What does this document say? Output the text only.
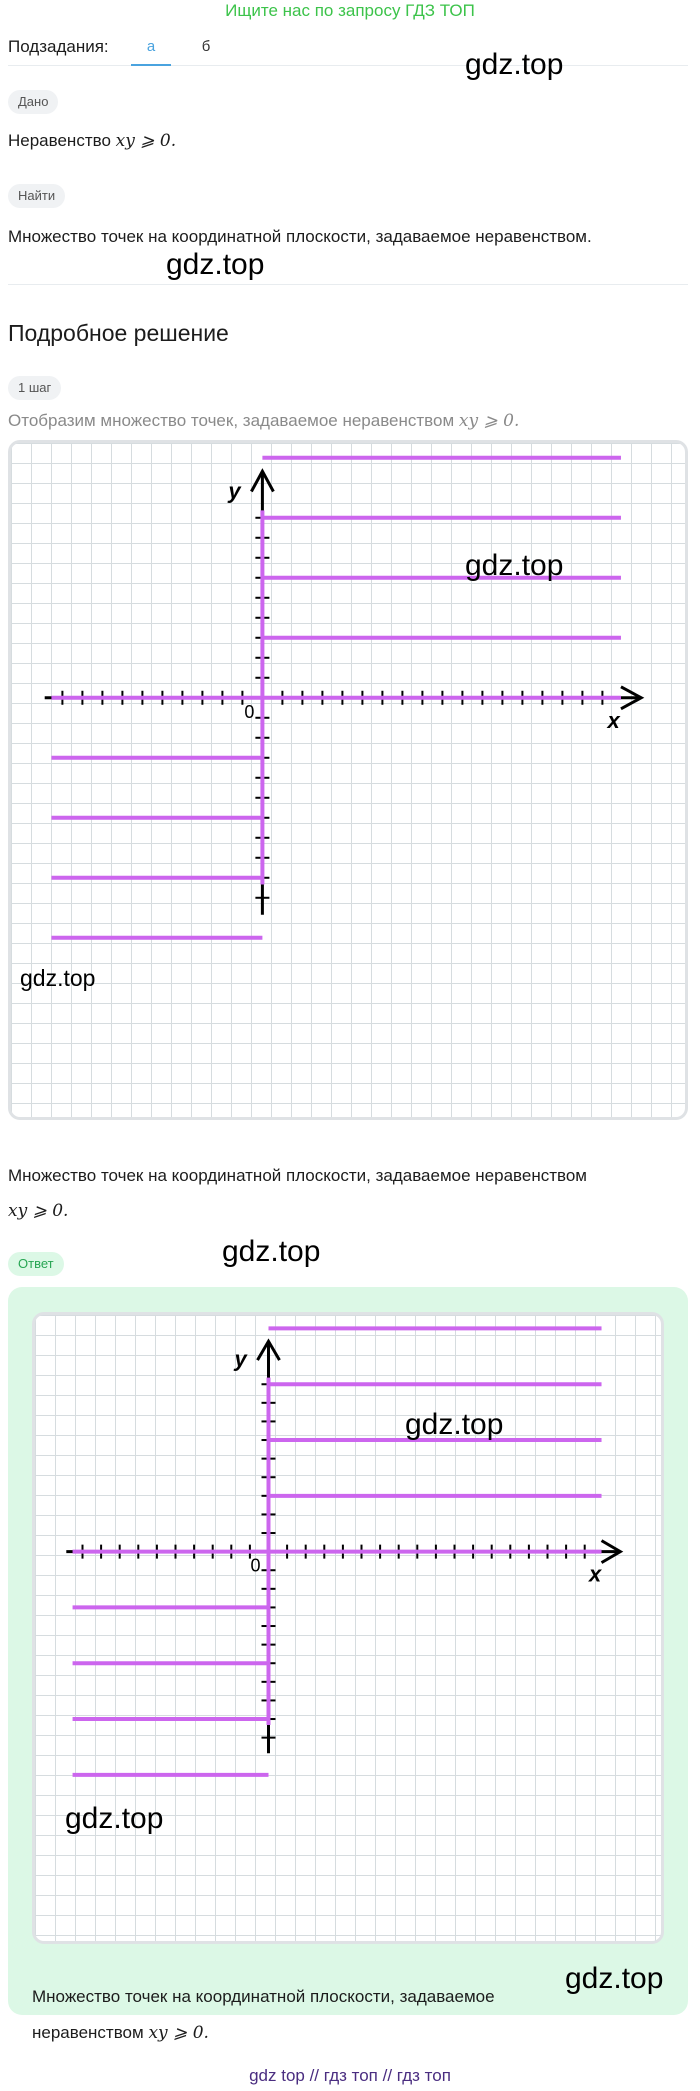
Ищите нас по запросу ГДЗ ТОП
Подзадания:	а	б
gdz.top
Дано
Неравенство xy ⩾ 0.
Найти
Множество точек на координатной плоскости, задаваемое неравенством.
gdz.top
Подробное решение
1 шаг
Отобразим множество точек, задаваемое неравенством xy ⩾ 0.
x
y
0
gdz.top
gdz.top
Множество точек на координатной плоскости, задаваемое неравенством
xy ⩾ 0.
Ответ	gdz.top
x
y
0
gdz.top
gdz.top
gdz.top
Множество точек на координатной плоскости, задаваемое
неравенством xy ⩾ 0.
gdz top // гдз топ // гдз топ
